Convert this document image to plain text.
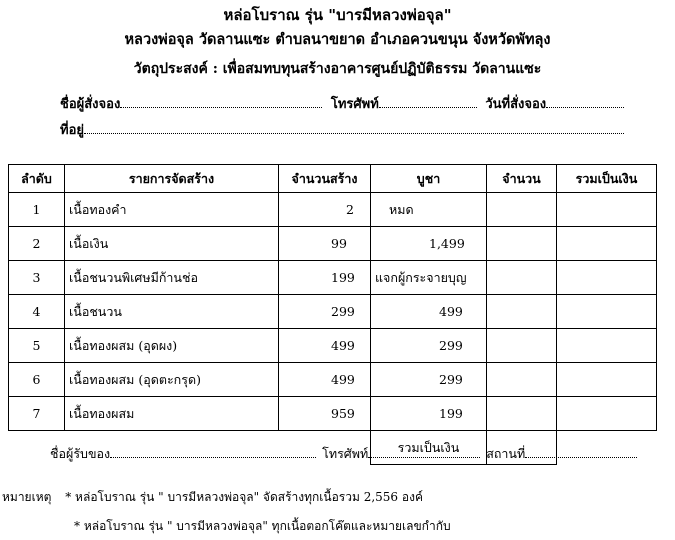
หล่อโบราณ รุ่น "บารมีหลวงพ่อจุล"
หลวงพ่อจุล วัดลานแซะ ตำบลนาขยาด อำเภอควนขนุน จังหวัดพัทลุง
วัตถุประสงค์ : เพื่อสมทบทุนสร้างอาคารศูนย์ปฏิบัติธรรม วัดลานแซะ
ชื่อผู้สั่งจอง	โทรศัพท์	วันที่สั่งจอง
ที่อยู่
ลำดับ	รายการจัดสร้าง	จำนวนสร้าง	บูชา	จำนวน	รวมเป็นเงิน
1	เนื้อทองคำ	2	หมด		
2	เนื้อเงิน	99	1,499		
3	เนื้อชนวนพิเศษมีก้านช่อ	199	แจกผู้กระจายบุญ		
4	เนื้อชนวน	299	499		
5	เนื้อทองผสม (อุดผง)	499	299		
6	เนื้อทองผสม (อุดตะกรุด)	499	299		
7	เนื้อทองผสม	959	199		
			รวมเป็นเงิน		
ชื่อผู้รับของ	โทรศัพท์	สถานที่
หมายเหตุ * หล่อโบราณ รุ่น " บารมีหลวงพ่อจุล" จัดสร้างทุกเนื้อรวม 2,556 องค์
* หล่อโบราณ รุ่น " บารมีหลวงพ่อจุล" ทุกเนื้อตอกโค๊ตและหมายเลขกำกับ
